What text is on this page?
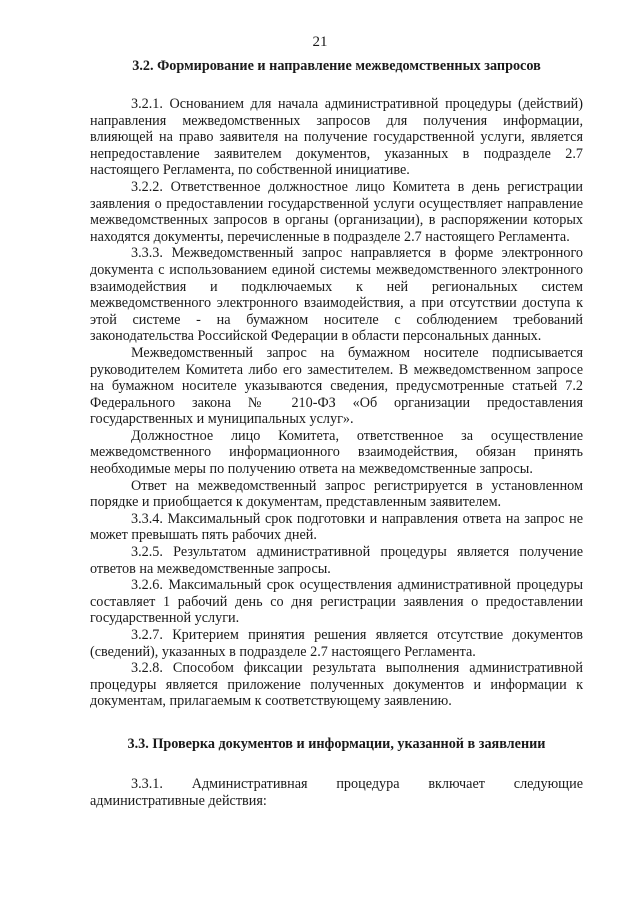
21
3.2. Формирование и направление межведомственных запросов

3.2.1. Основанием для начала административной процедуры (действий) направления межведомственных запросов для получения информации, влияющей на право заявителя на получение государственной услуги, является непредоставление заявителем документов, указанных в подразделе 2.7 настоящего Регламента, по собственной инициативе.

3.2.2. Ответственное должностное лицо Комитета в день регистрации заявления о предоставлении государственной услуги осуществляет направление межведомственных запросов в органы (организации), в распоряжении которых находятся документы, перечисленные в подразделе 2.7 настоящего Регламента.

3.3.3. Межведомственный запрос направляется в форме электронного документа с использованием единой системы межведомственного электронного взаимодействия и подключаемых к ней региональных систем межведомственного электронного взаимодействия, а при отсутствии доступа к этой системе - на бумажном носителе с соблюдением требований законодательства Российской Федерации в области персональных данных.

Межведомственный запрос на бумажном носителе подписывается руководителем Комитета либо его заместителем. В межведомственном запросе на бумажном носителе указываются сведения, предусмотренные статьей 7.2 Федерального закона № 210-ФЗ «Об организации предоставления государственных и муниципальных услуг».

Должностное лицо Комитета, ответственное за осуществление межведомственного информационного взаимодействия, обязан принять необходимые меры по получению ответа на межведомственные запросы.

Ответ на межведомственный запрос регистрируется в установленном порядке и приобщается к документам, представленным заявителем.

3.3.4. Максимальный срок подготовки и направления ответа на запрос не может превышать пять рабочих дней.

3.2.5. Результатом административной процедуры является получение ответов на межведомственные запросы.

3.2.6. Максимальный срок осуществления административной процедуры составляет 1 рабочий день со дня регистрации заявления о предоставлении государственной услуги.

3.2.7. Критерием принятия решения является отсутствие документов (сведений), указанных в подразделе 2.7 настоящего Регламента.

3.2.8. Способом фиксации результата выполнения административной процедуры является приложение полученных документов и информации к документам, прилагаемым к соответствующему заявлению.

3.3. Проверка документов и информации, указанной в заявлении

3.3.1. Административная процедура включает следующие административные действия:
